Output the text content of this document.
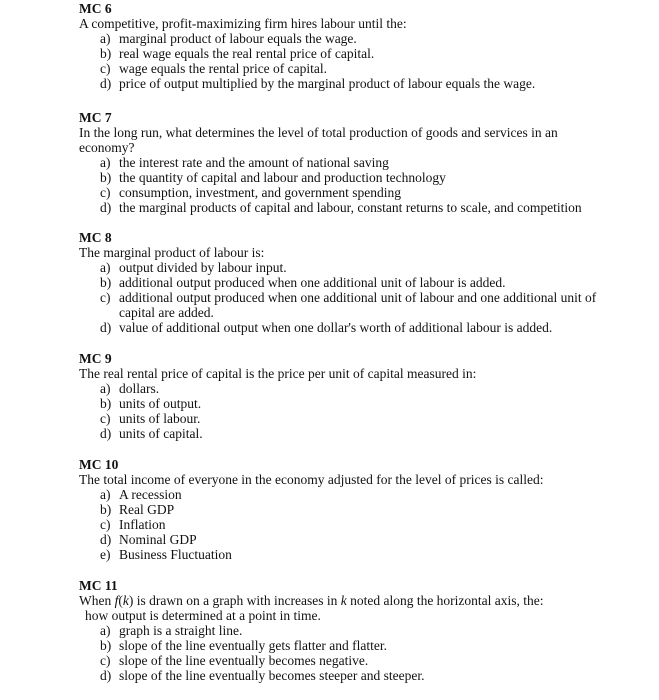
MC 6

A competitive, profit-maximizing firm hires labour until the:

a) marginal product of labour equals the wage.
b) real wage equals the real rental price of capital.
c) wage equals the rental price of capital.
d) price of output multiplied by the marginal product of labour equals the wage.

MC 7

In the long run, what determines the level of total production of goods and services in an economy?

a) the interest rate and the amount of national saving
b) the quantity of capital and labour and production technology
c) consumption, investment, and government spending
d) the marginal products of capital and labour, constant returns to scale, and competition

MC 8

The marginal product of labour is:

a) output divided by labour input.
b) additional output produced when one additional unit of labour is added.
c) additional output produced when one additional unit of labour and one additional unit of capital are added.
d) value of additional output when one dollar's worth of additional labour is added.

MC 9

The real rental price of capital is the price per unit of capital measured in:

a) dollars.
b) units of output.
c) units of labour.
d) units of capital.

MC 10

The total income of everyone in the economy adjusted for the level of prices is called:

a) A recession
b) Real GDP
c) Inflation
d) Nominal GDP
e) Business Fluctuation

MC 11

When f(k) is drawn on a graph with increases in k noted along the horizontal axis, the: how output is determined at a point in time.

a) graph is a straight line.
b) slope of the line eventually gets flatter and flatter.
c) slope of the line eventually becomes negative.
d) slope of the line eventually becomes steeper and steeper.
